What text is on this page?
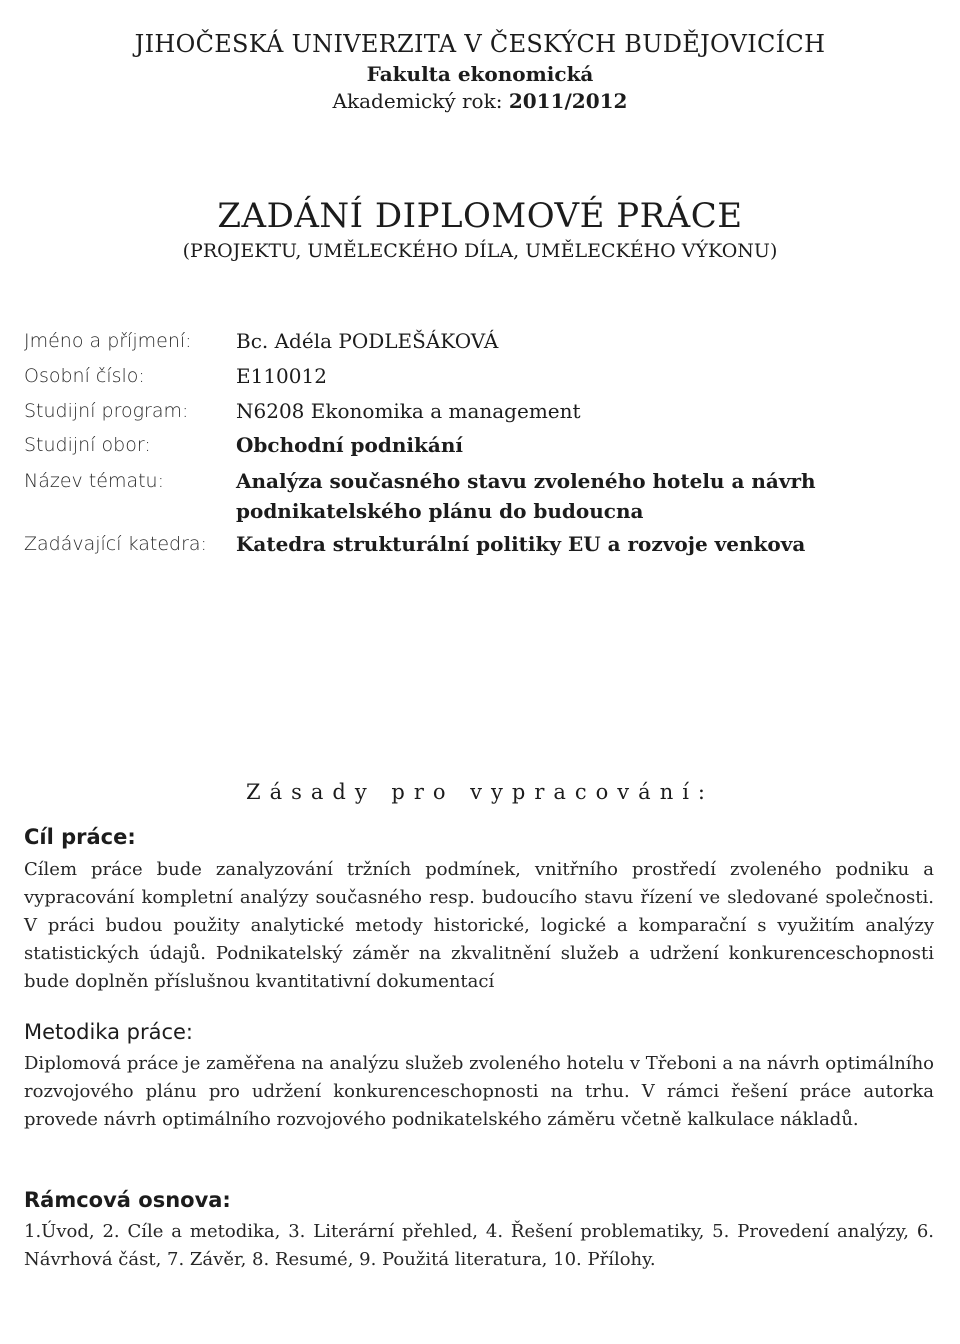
JIHOČESKÁ UNIVERZITA V ČESKÝCH BUDĚJOVICÍCH
Fakulta ekonomická
Akademický rok: 2011/2012
ZADÁNÍ DIPLOMOVÉ PRÁCE
(PROJEKTU, UMĚLECKÉHO DÍLA, UMĚLECKÉHO VÝKONU)
Jméno a příjmení: Bc. Adéla PODLEŠÁKOVÁ
Osobní číslo:	E110012
Studijní program: N6208 Ekonomika a management
Studijní obor:	Obchodní podnikání
Název tématu:	Analýza současného stavu zvoleného hotelu a návrh podnikatelského plánu do budoucna
Zadávající katedra: Katedra strukturální politiky EU a rozvoje venkova
Zásady pro vypracování:
Cíl práce:
Cílem práce bude zanalyzování tržních podmínek, vnitřního prostředí zvoleného podniku a vypracování kompletní analýzy současného resp. budoucího stavu řízení ve sledované společnosti. V práci budou použity analytické metody historické, logické a komparační s využitím analýzy statistických údajů. Podnikatelský záměr na zkvalitnění služeb a udržení konkurenceschopnosti bude doplněn příslušnou kvantitativní dokumentací
Metodika práce:
Diplomová práce je zaměřena na analýzu služeb zvoleného hotelu v Třeboni a na návrh optimálního rozvojového plánu pro udržení konkurenceschopnosti na trhu. V rámci řešení práce autorka provede návrh optimálního rozvojového podnikatelského záměru včetně kalkulace nákladů.
Rámcová osnova:
1.Úvod, 2. Cíle a metodika, 3. Literární přehled, 4. Řešení problematiky, 5. Provedení analýzy, 6. Návrhová část, 7. Závěr, 8. Resumé, 9. Použitá literatura, 10. Přílohy.
